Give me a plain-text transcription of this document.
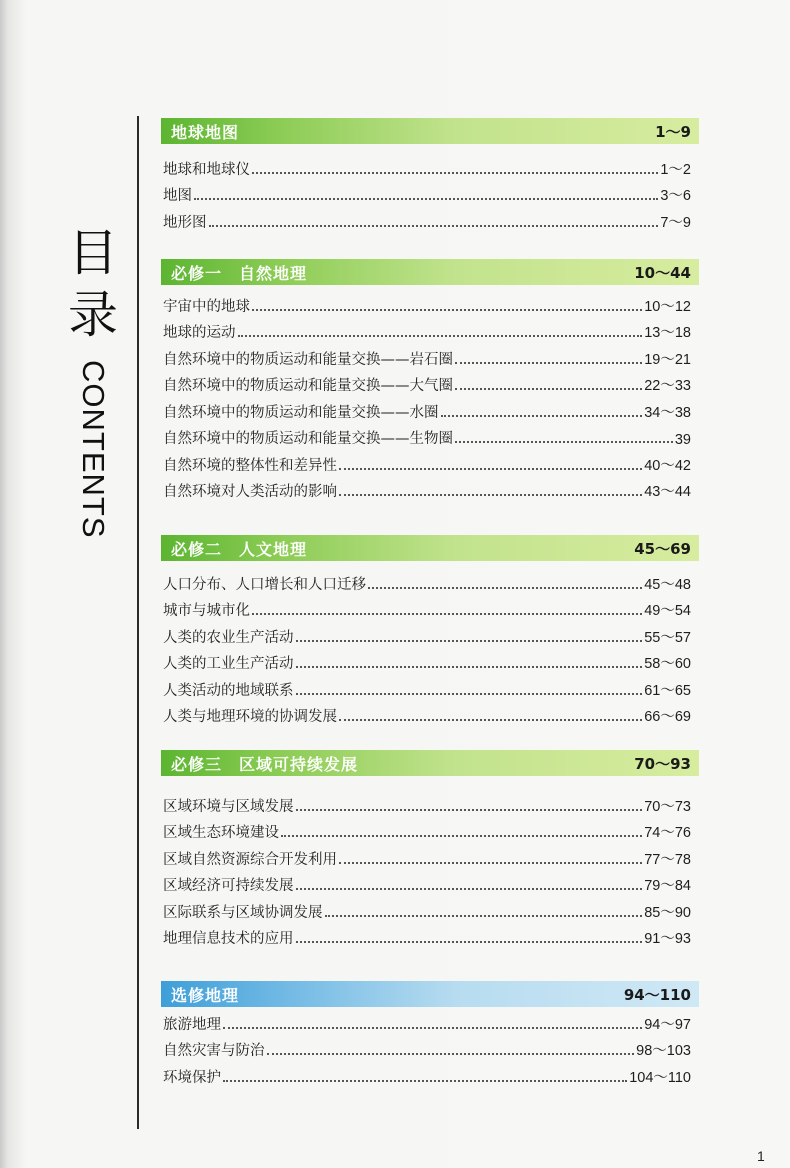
目
录
CONTENTS
地球地图	1～9
地球和地球仪	1～2
地图	3～6
地形图	7～9
必修一　自然地理	10～44
宇宙中的地球	10～12
地球的运动	13～18
自然环境中的物质运动和能量交换——岩石圈	19～21
自然环境中的物质运动和能量交换——大气圈	22～33
自然环境中的物质运动和能量交换——水圈	34～38
自然环境中的物质运动和能量交换——生物圈	39
自然环境的整体性和差异性	40～42
自然环境对人类活动的影响	43～44
必修二　人文地理	45～69
人口分布、人口增长和人口迁移	45～48
城市与城市化	49～54
人类的农业生产活动	55～57
人类的工业生产活动	58～60
人类活动的地域联系	61～65
人类与地理环境的协调发展	66～69
必修三　区域可持续发展	70～93
区域环境与区域发展	70～73
区域生态环境建设	74～76
区域自然资源综合开发利用	77～78
区域经济可持续发展	79～84
区际联系与区域协调发展	85～90
地理信息技术的应用	91～93
选修地理	94～110
旅游地理	94～97
自然灾害与防治	98～103
环境保护	104～110
1
